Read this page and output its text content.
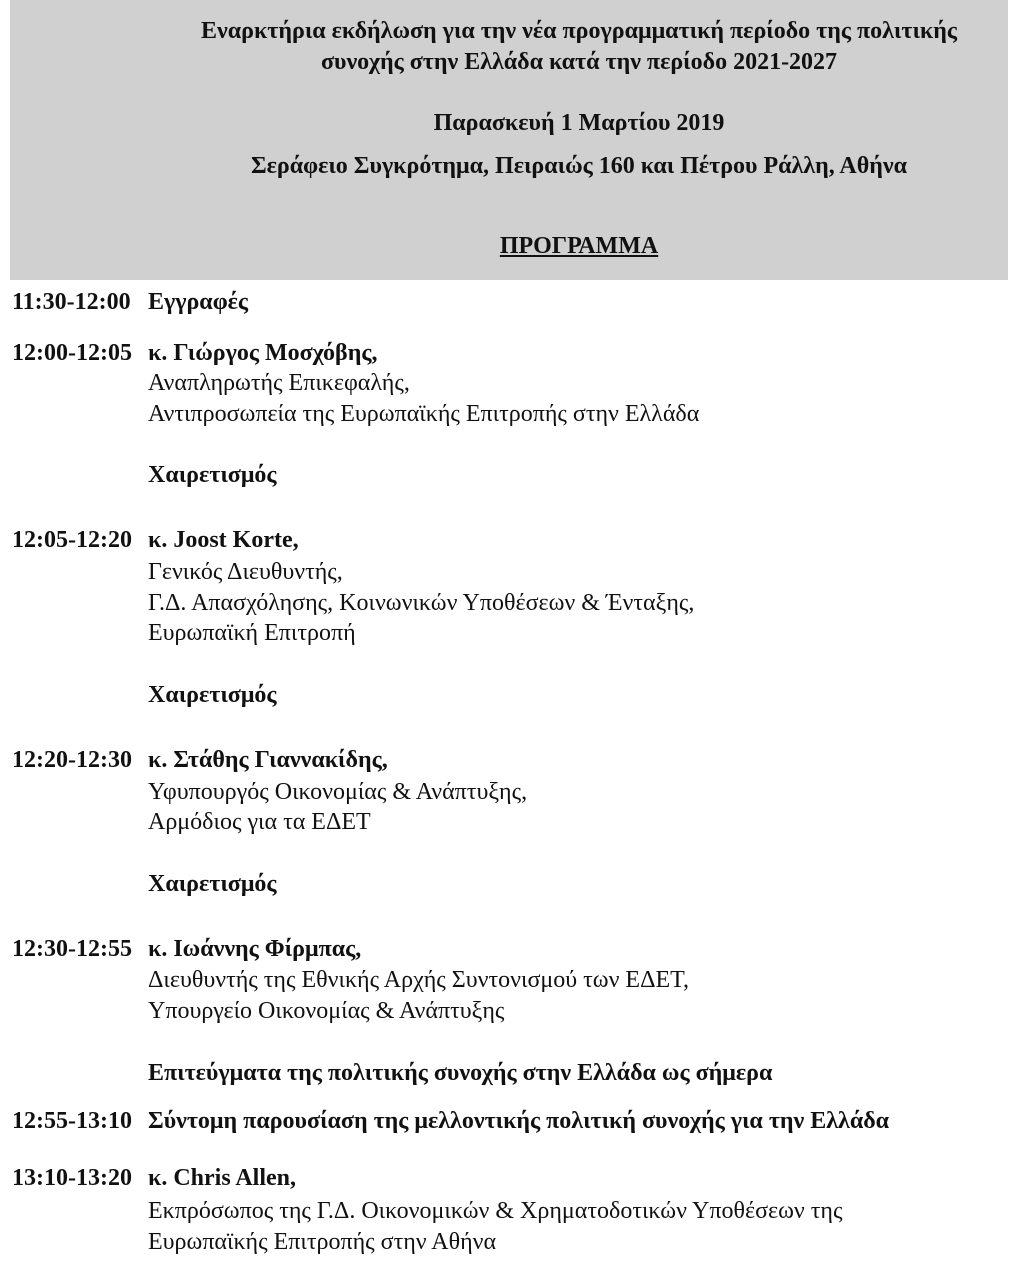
Εναρκτήρια εκδήλωση για την νέα προγραμματική περίοδο της πολιτικής
συνοχής στην Ελλάδα κατά την περίοδο 2021-2027
Παρασκευή 1 Μαρτίου 2019
Σεράφειο Συγκρότημα, Πειραιώς 160 και Πέτρου Ράλλη, Αθήνα
ΠΡΟΓΡΑΜΜΑ
11:30-12:00 Εγγραφές
12:00-12:05 κ. Γιώργος Μοσχόβης,
Αναπληρωτής Επικεφαλής,
Αντιπροσωπεία της Ευρωπαϊκής Επιτροπής στην Ελλάδα
Χαιρετισμός
12:05-12:20 κ. Joost Korte,
Γενικός Διευθυντής,
Γ.Δ. Απασχόλησης, Κοινωνικών Υποθέσεων & Ένταξης,
Ευρωπαϊκή Επιτροπή
Χαιρετισμός
12:20-12:30 κ. Στάθης Γιαννακίδης,
Υφυπουργός Οικονομίας & Ανάπτυξης,
Αρμόδιος για τα ΕΔΕΤ
Χαιρετισμός
12:30-12:55 κ. Ιωάννης Φίρμπας,
Διευθυντής της Εθνικής Αρχής Συντονισμού των ΕΔΕΤ,
Υπουργείο Οικονομίας & Ανάπτυξης
Επιτεύγματα της πολιτικής συνοχής στην Ελλάδα ως σήμερα
12:55-13:10 Σύντομη παρουσίαση της μελλοντικής πολιτική συνοχής για την Ελλάδα
13:10-13:20 κ. Chris Allen,
Εκπρόσωπος της Γ.Δ. Οικονομικών & Χρηματοδοτικών Υποθέσεων της
Ευρωπαϊκής Επιτροπής στην Αθήνα
